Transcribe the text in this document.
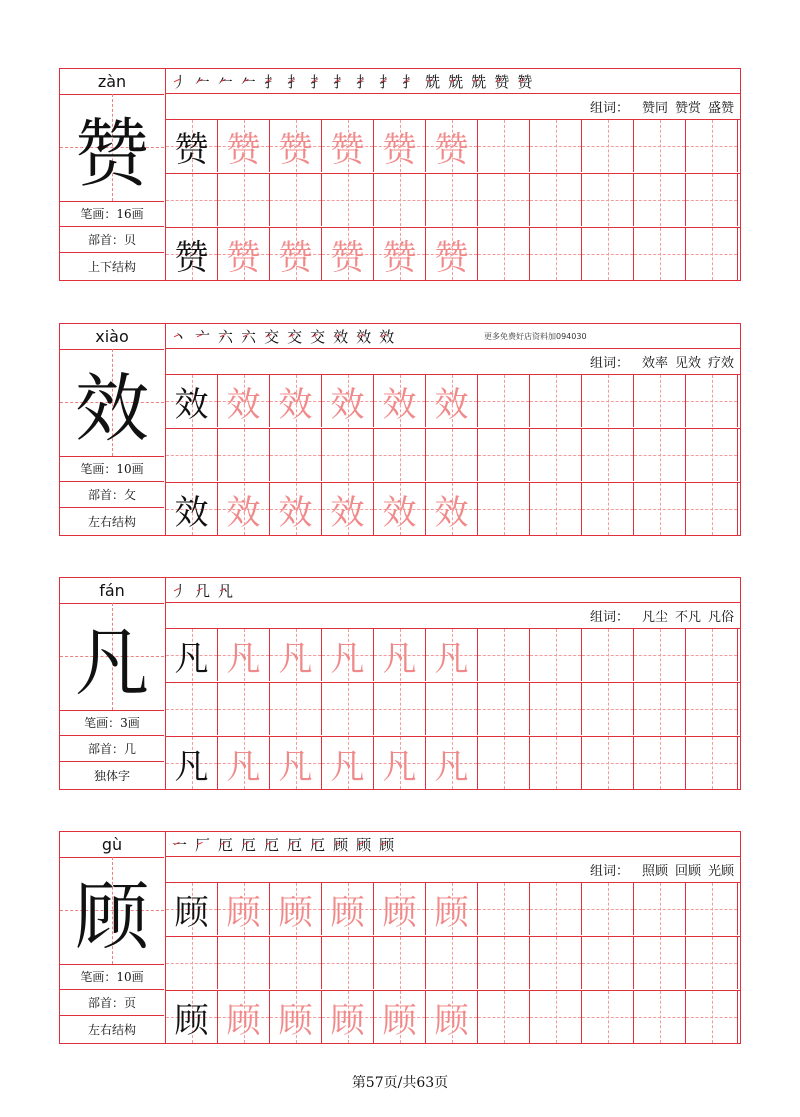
zàn
赞
笔画：16画
部首：贝
上下结构
丿 𠂉 𠂉 𠂉 扌 扌 扌 扌 扌 扌 扌 兟 兟 兟 赞 赞
组词： 赞同 赞赏 盛赞
赞 赞 赞 赞 赞 赞
赞 赞 赞 赞 赞 赞
xiào
效
笔画：10画
部首：攵
左右结构
丶 亠 六 六 交 交 交 效 效 效	更多免费好店资料加094030
组词： 效率 见效 疗效
效 效 效 效 效 效
效 效 效 效 效 效
fán
凡
笔画：3画
部首：几
独体字
丿 几 凡
组词： 凡尘 不凡 凡俗
凡 凡 凡 凡 凡 凡
凡 凡 凡 凡 凡 凡
gù
顾
笔画：10画
部首：页
左右结构
一 厂 厄 厄 厄 厄 厄 顾 顾 顾
组词： 照顾 回顾 光顾
顾 顾 顾 顾 顾 顾
顾 顾 顾 顾 顾 顾
第57页/共63页
